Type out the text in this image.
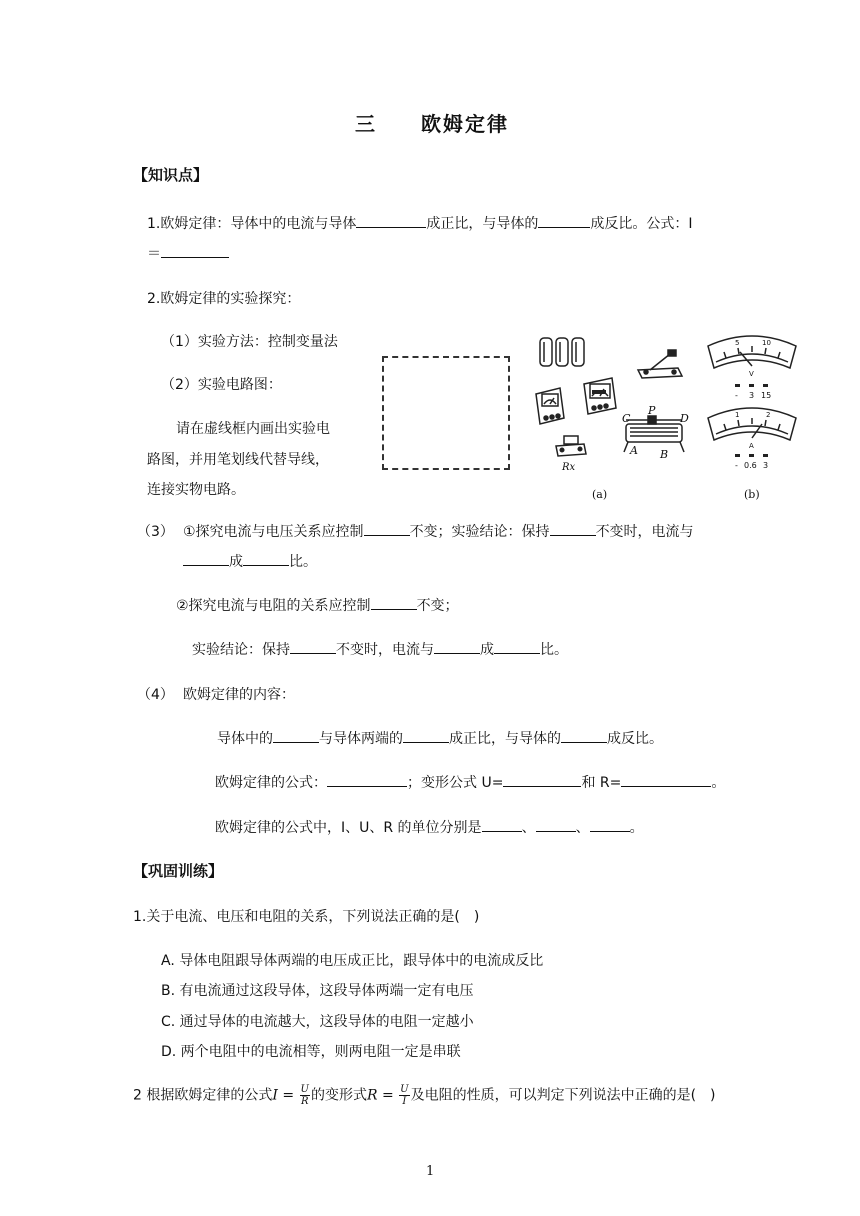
三　　欧姆定律
【知识点】
1.欧姆定律：导体中的电流与导体	成正比，与导体的	成反比。公式：I
＝
2.欧姆定律的实验探究：
（1）实验方法：控制变量法
（2）实验电路图：
请在虚线框内画出实验电
路图，并用笔划线代替导线，
连接实物电路。
Rx
C
P
D
A B
(a)
5	10
V
- 3 15
1	2
A
- 0.6 3
(b)
（3） ①探究电流与电压关系应控制	不变；实验结论：保持	不变时，电流与
成	比。
②探究电流与电阻的关系应控制	不变；
实验结论：保持	不变时，电流与	成	比。
（4） 欧姆定律的内容：
导体中的	与导体两端的	成正比，与导体的	成反比。
欧姆定律的公式：	；变形公式 U=	和 R=	。
欧姆定律的公式中，I、U、R 的单位分别是	、	、	。
【巩固训练】
1.关于电流、电压和电阻的关系，下列说法正确的是(　)
A. 导体电阻跟导体两端的电压成正比，跟导体中的电流成反比
B. 有电流通过这段导体，这段导体两端一定有电压
C. 通过导体的电流越大，这段导体的电阻一定越小
D. 两个电阻中的电流相等，则两电阻一定是串联
2 根据欧姆定律的公式$I = \frac{U}{R}$ 的变形式$R = \frac{U}{I}$ 及电阻的性质，可以判定下列说法中正确的是(　)
1
